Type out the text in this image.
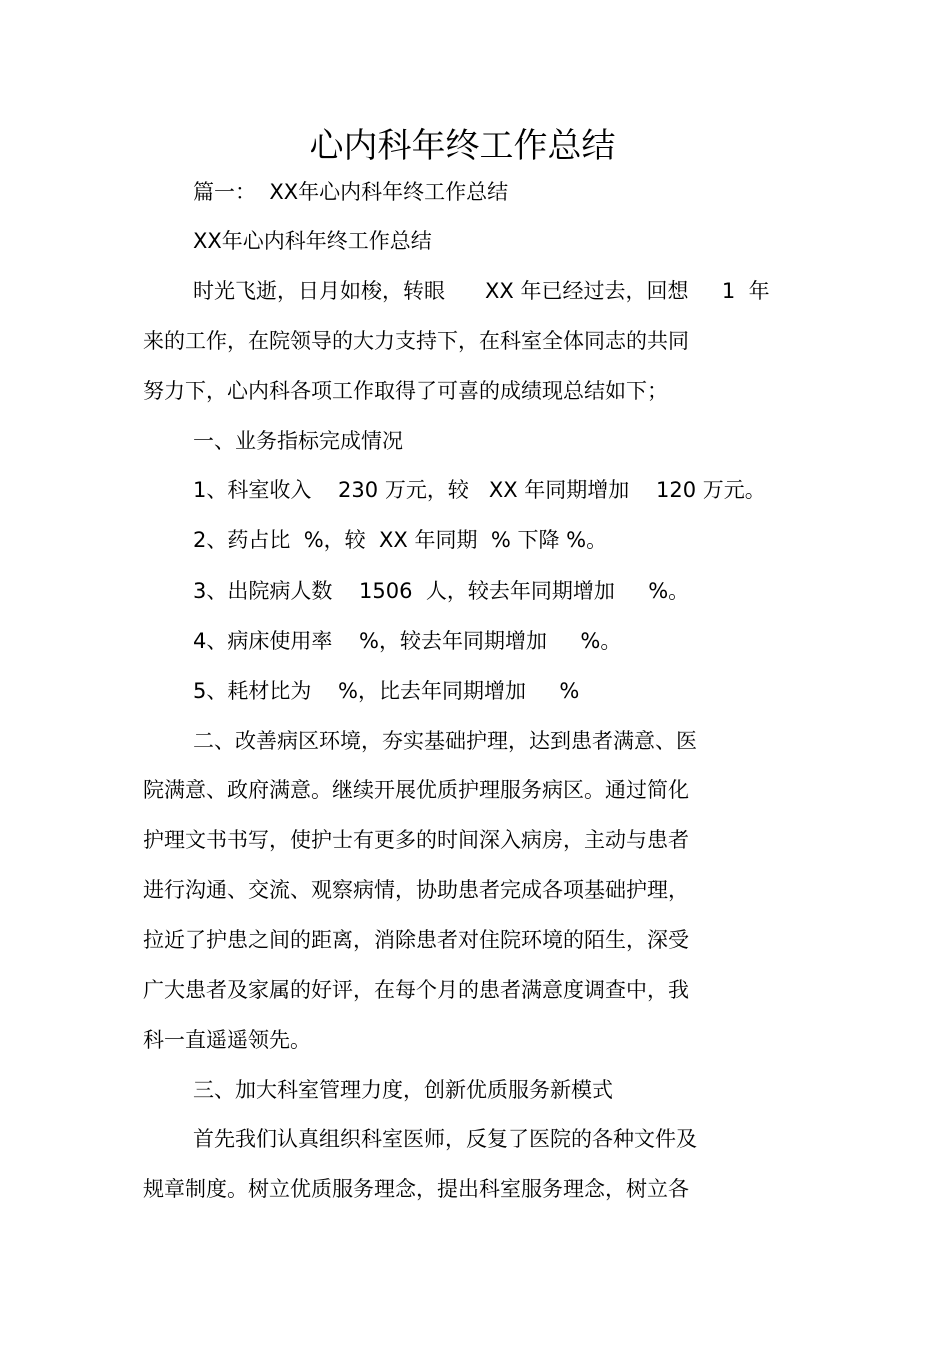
心内科年终工作总结
篇一：  XX年心内科年终工作总结
XX年心内科年终工作总结
时光飞逝，日月如梭，转眼      XX 年已经过去，回想     1  年
来的工作，在院领导的大力支持下，在科室全体同志的共同
努力下，心内科各项工作取得了可喜的成绩现总结如下；
一、业务指标完成情况
1、科室收入    230 万元，较   XX 年同期增加    120 万元。
2、药占比  %，较  XX 年同期  % 下降 %。
3、出院病人数    1506  人，较去年同期增加     %。
4、病床使用率    %，较去年同期增加     %。
5、耗材比为    %，比去年同期增加     %
二、改善病区环境，夯实基础护理，达到患者满意、医
院满意、政府满意。继续开展优质护理服务病区。通过简化
护理文书书写，使护士有更多的时间深入病房，主动与患者
进行沟通、交流、观察病情，协助患者完成各项基础护理，
拉近了护患之间的距离，消除患者对住院环境的陌生，深受
广大患者及家属的好评，在每个月的患者满意度调查中，我
科一直遥遥领先。
三、加大科室管理力度，创新优质服务新模式
首先我们认真组织科室医师，反复了医院的各种文件及
规章制度。树立优质服务理念，提出科室服务理念，树立各
